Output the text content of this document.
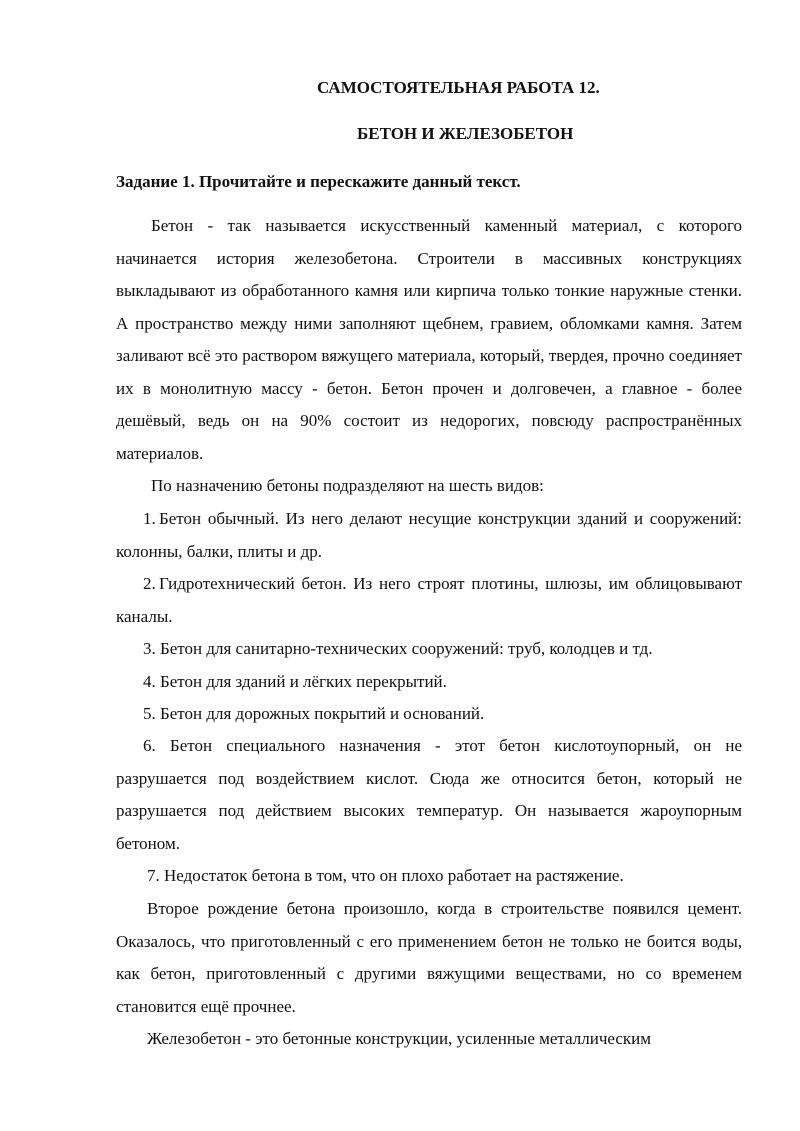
САМОСТОЯТЕЛЬНАЯ РАБОТА 12.
БЕТОН И ЖЕЛЕЗОБЕТОН
Задание 1. Прочитайте и перескажите данный текст.

Бетон - так называется искусственный каменный материал, с которого начинается история железобетона. Строители в массивных конструкциях выкладывают из обработанного камня или кирпича только тонкие наружные стенки. А пространство между ними заполняют щебнем, гравием, обломками камня. Затем заливают всё это раствором вяжущего материала, который, твердея, прочно соединяет их в монолитную массу - бетон. Бетон прочен и долговечен, а главное - более дешёвый, ведь он на 90% состоит из недорогих, повсюду распространённых материалов.

По назначению бетоны подразделяют на шесть видов:

1. Бетон обычный. Из него делают несущие конструкции зданий и сооружений: колонны, балки, плиты и др.
2. Гидротехнический бетон. Из него строят плотины, шлюзы, им облицовывают каналы.
3. Бетон для санитарно-технических сооружений: труб, колодцев и тд.
4. Бетон для зданий и лёгких перекрытий.
5. Бетон для дорожных покрытий и оснований.

6. Бетон специального назначения - этот бетон кислотоупорный, он не разрушается под воздействием кислот. Сюда же относится бетон, который не разрушается под действием высоких температур. Он называется жароупорным бетоном.

7. Недостаток бетона в том, что он плохо работает на растяжение.

Второе рождение бетона произошло, когда в строительстве появился цемент. Оказалось, что приготовленный с его применением бетон не только не боится воды, как бетон, приготовленный с другими вяжущими веществами, но со временем становится ещё прочнее.

Железобетон - это бетонные конструкции, усиленные металлическим
